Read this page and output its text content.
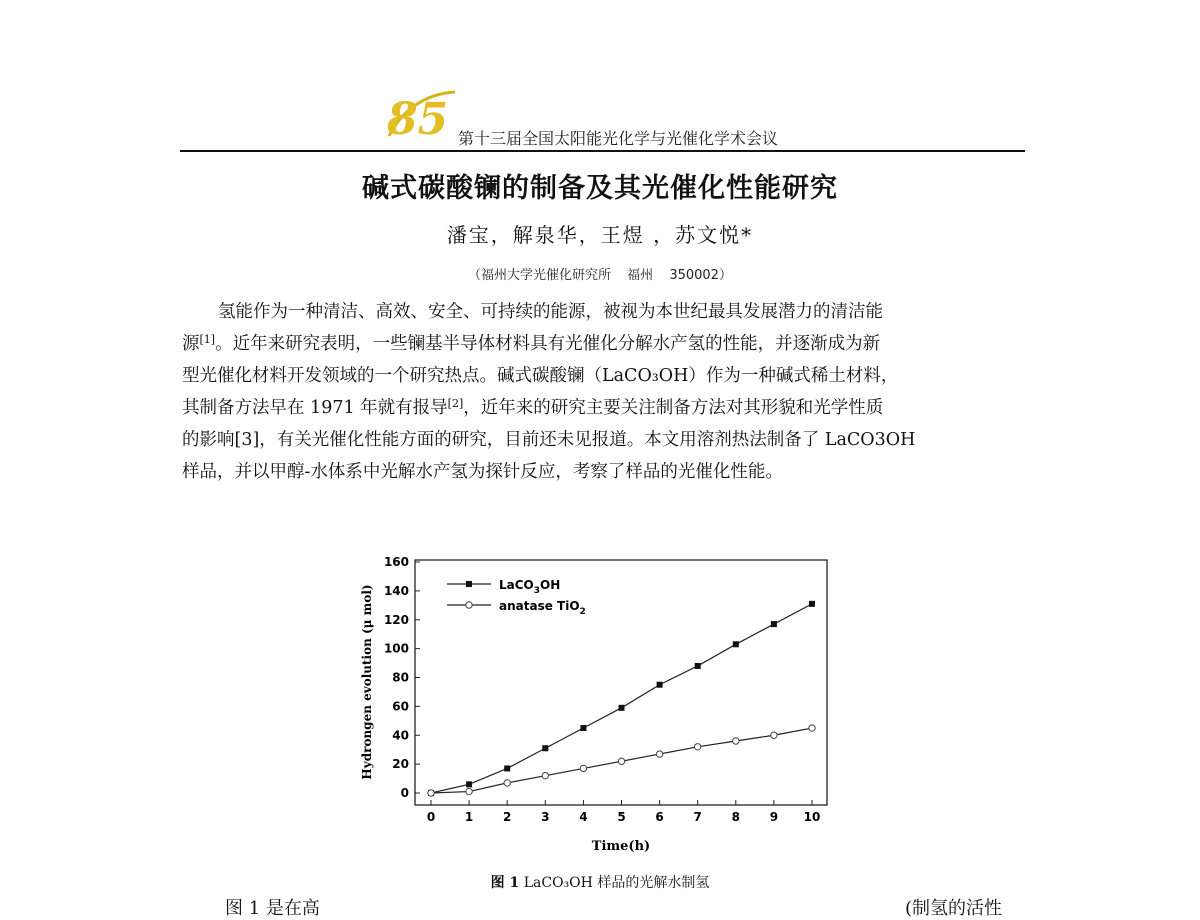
85 第十三届全国太阳能光化学与光催化学术会议
碱式碳酸镧的制备及其光催化性能研究
潘宝，解泉华，王煜 ，苏文悦*
（福州大学光催化研究所 福州 350002）
氢能作为一种清洁、高效、安全、可持续的能源，被视为本世纪最具发展潜力的清洁能
源[1]。近年来研究表明，一些镧基半导体材料具有光催化分解水产氢的性能，并逐渐成为新
型光催化材料开发领域的一个研究热点。碱式碳酸镧（LaCO₃OH）作为一种碱式稀土材料，
其制备方法早在 1971 年就有报导[2]，近年来的研究主要关注制备方法对其形貌和光学性质
的影响[3]，有关光催化性能方面的研究，目前还未见报道。本文用溶剂热法制备了 LaCO3OH
样品，并以甲醇-水体系中光解水产氢为探针反应，考察了样品的光催化性能。
0
20
40
60
80
100
120
140
160
0 1 2 3 4 5 6 7 8 9 10
LaCO$_3$OH
anatase TiO$_2$
Time(h)
Hydrongen evolution (μ mol)
图 1 LaCO₃OH 样品的光解水制氢
图 1 是在高	(制氢的活性
